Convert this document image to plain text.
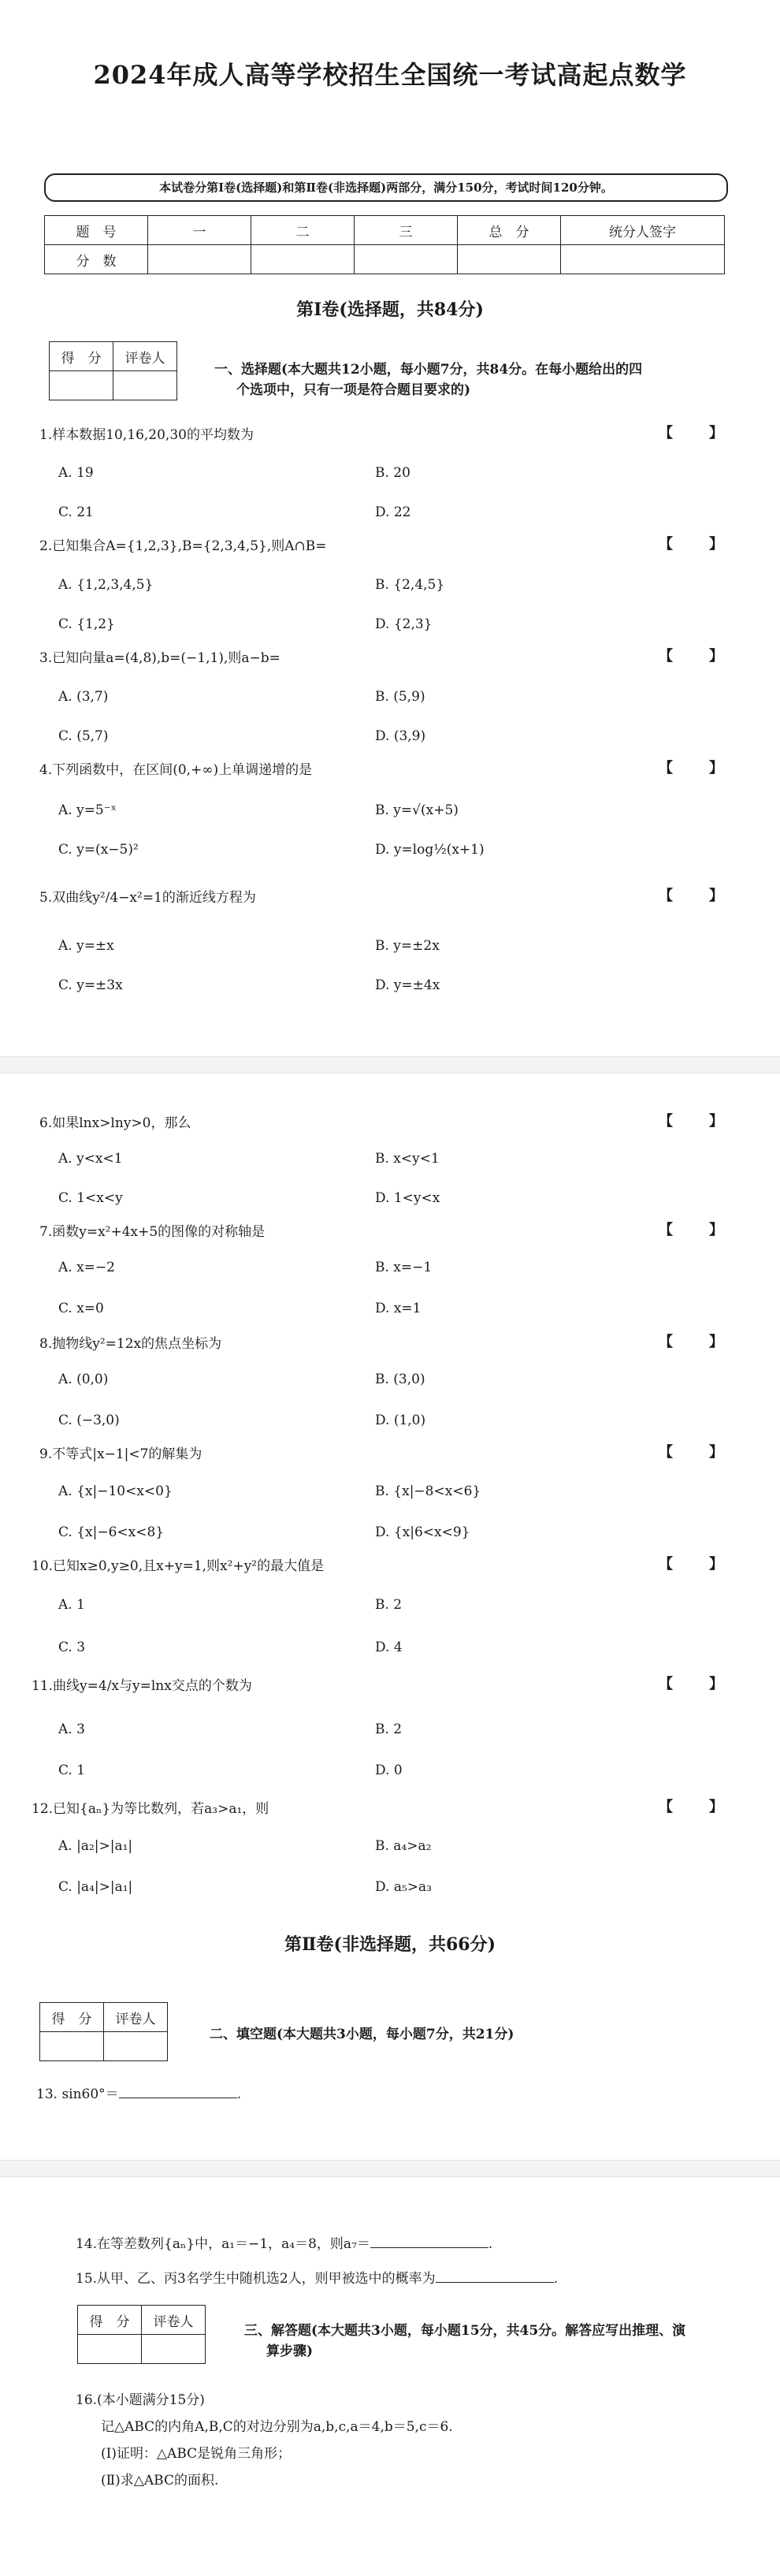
2024年成人高等学校招生全国统一考试高起点数学
本试卷分第Ⅰ卷(选择题)和第Ⅱ卷(非选择题)两部分，满分150分，考试时间120分钟。
题　号	一	二	三	总　分	统分人签字
分　数					
第Ⅰ卷(选择题，共84分)
得　分	评卷人

一、选择题(本大题共12小题，每小题7分，共84分。在每小题给出的四
个选项中，只有一项是符合题目要求的)
1.样本数据10,16,20,30的平均数为	【　】
A. 19	B. 20
C. 21	D. 22
2.已知集合A={1,2,3},B={2,3,4,5},则A∩B=	【　】
A. {1,2,3,4,5}	B. {2,4,5}
C. {1,2}	D. {2,3}
3.已知向量a=(4,8),b=(−1,1),则a−b=	【　】
A. (3,7)	B. (5,9)
C. (5,7)	D. (3,9)
4.下列函数中，在区间(0,+∞)上单调递增的是	【　】
A. y=5⁻ˣ	B. y=√(x+5)
C. y=(x−5)²	D. y=log½(x+1)
5.双曲线y²/4−x²=1的渐近线方程为	【　】
A. y=±x	B. y=±2x
C. y=±3x	D. y=±4x
6.如果lnx>lny>0，那么	【　】
A. y<x<1	B. x<y<1
C. 1<x<y	D. 1<y<x
7.函数y=x²+4x+5的图像的对称轴是	【　】
A. x=−2	B. x=−1
C. x=0	D. x=1
8.抛物线y²=12x的焦点坐标为	【　】
A. (0,0)	B. (3,0)
C. (−3,0)	D. (1,0)
9.不等式|x−1|<7的解集为	【　】
A. {x|−10<x<0}	B. {x|−8<x<6}
C. {x|−6<x<8}	D. {x|6<x<9}
10.已知x≥0,y≥0,且x+y=1,则x²+y²的最大值是	【　】
A. 1	B. 2
C. 3	D. 4
11.曲线y=4/x与y=lnx交点的个数为	【　】
A. 3	B. 2
C. 1	D. 0
12.已知{aₙ}为等比数列，若a₃>a₁，则	【　】
A. |a₂|>|a₁|	B. a₄>a₂
C. |a₄|>|a₁|	D. a₅>a₃
第Ⅱ卷(非选择题，共66分)
得　分	评卷人

二、填空题(本大题共3小题，每小题7分，共21分)
13. sin60°＝	.
14.在等差数列{aₙ}中，a₁＝−1，a₄＝8，则a₇＝	.
15.从甲、乙、丙3名学生中随机选2人，则甲被选中的概率为	.
得　分	评卷人

三、解答题(本大题共3小题，每小题15分，共45分。解答应写出推理、演
算步骤)
16.(本小题满分15分)
记△ABC的内角A,B,C的对边分别为a,b,c,a＝4,b＝5,c＝6.
(Ⅰ)证明：△ABC是锐角三角形；
(Ⅱ)求△ABC的面积.
